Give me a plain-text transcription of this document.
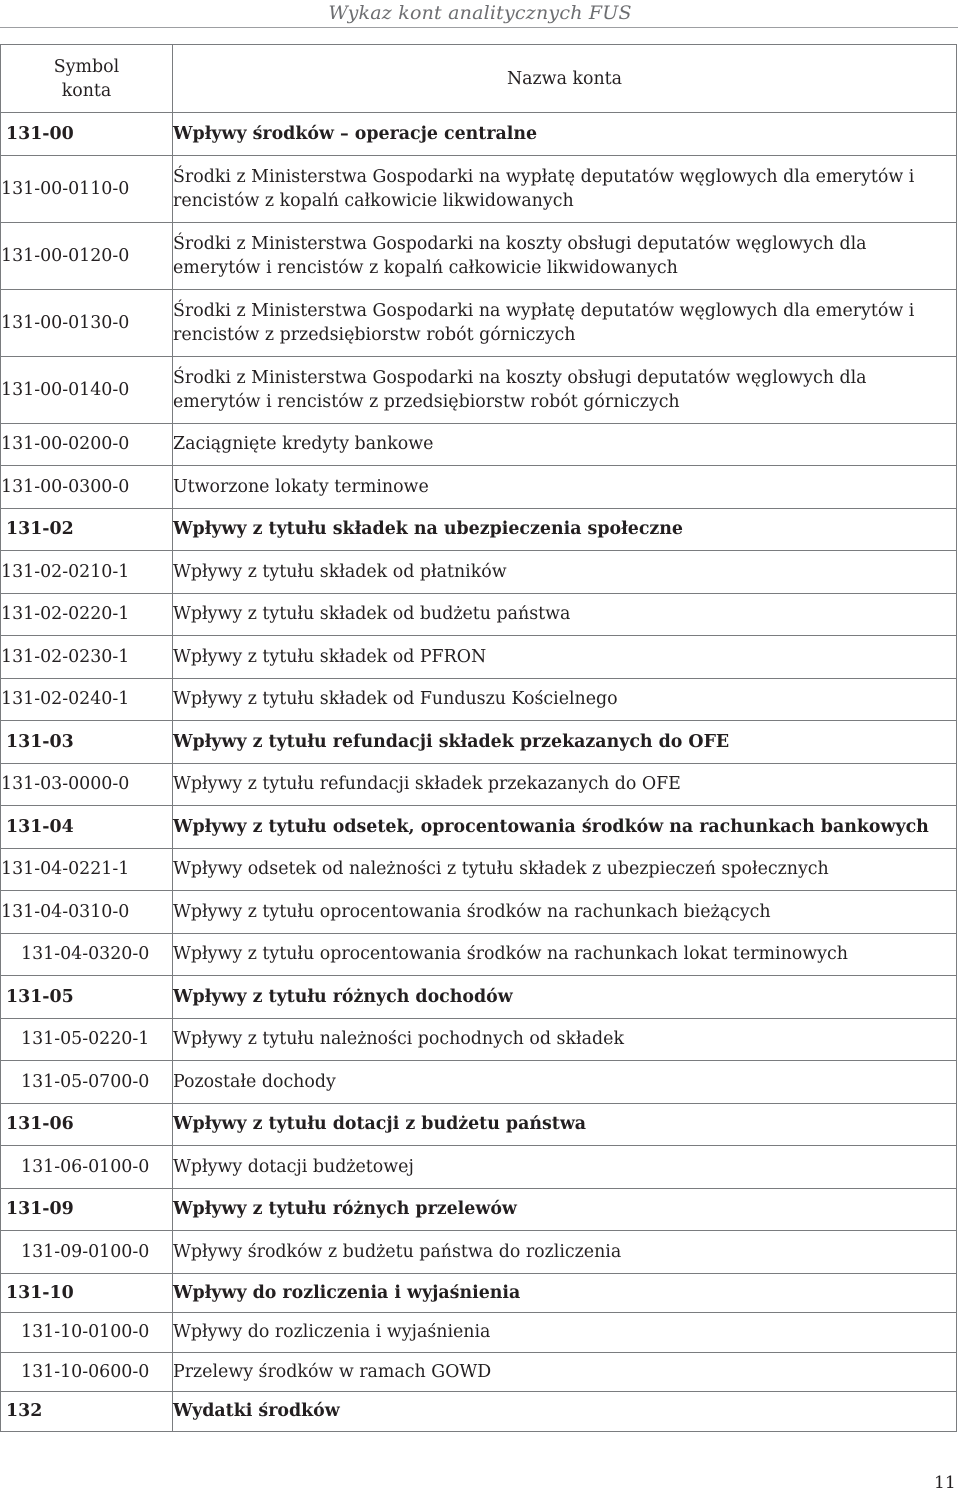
Wykaz kont analitycznych FUS
Symbol
konta	Nazwa konta
131-00	Wpływy środków – operacje centralne
131-00-0110-0	Środki z Ministerstwa Gospodarki na wypłatę deputatów węglowych dla emerytów i rencistów z kopalń całkowicie likwidowanych
131-00-0120-0	Środki z Ministerstwa Gospodarki na koszty obsługi deputatów węglowych dla emerytów i rencistów z kopalń całkowicie likwidowanych
131-00-0130-0	Środki z Ministerstwa Gospodarki na wypłatę deputatów węglowych dla emerytów i rencistów z przedsiębiorstw robót górniczych
131-00-0140-0	Środki z Ministerstwa Gospodarki na koszty obsługi deputatów węglowych dla emerytów i rencistów z przedsiębiorstw robót górniczych
131-00-0200-0	Zaciągnięte kredyty bankowe
131-00-0300-0	Utworzone lokaty terminowe
131-02	Wpływy z tytułu składek na ubezpieczenia społeczne
131-02-0210-1	Wpływy z tytułu składek od płatników
131-02-0220-1	Wpływy z tytułu składek od budżetu państwa
131-02-0230-1	Wpływy z tytułu składek od PFRON
131-02-0240-1	Wpływy z tytułu składek od Funduszu Kościelnego
131-03	Wpływy z tytułu refundacji składek przekazanych do OFE
131-03-0000-0	Wpływy z tytułu refundacji składek przekazanych do OFE
131-04	Wpływy z tytułu odsetek, oprocentowania środków na rachunkach bankowych
131-04-0221-1	Wpływy odsetek od należności z tytułu składek z ubezpieczeń społecznych
131-04-0310-0	Wpływy z tytułu oprocentowania środków na rachunkach bieżących
131-04-0320-0	Wpływy z tytułu oprocentowania środków na rachunkach lokat terminowych
131-05	Wpływy z tytułu różnych dochodów
131-05-0220-1	Wpływy z tytułu należności pochodnych od składek
131-05-0700-0	Pozostałe dochody
131-06	Wpływy z tytułu dotacji z budżetu państwa
131-06-0100-0	Wpływy dotacji budżetowej
131-09	Wpływy z tytułu różnych przelewów
131-09-0100-0	Wpływy środków z budżetu państwa do rozliczenia
131-10	Wpływy do rozliczenia i wyjaśnienia
131-10-0100-0	Wpływy do rozliczenia i wyjaśnienia
131-10-0600-0	Przelewy środków w ramach GOWD
132	Wydatki środków
11
